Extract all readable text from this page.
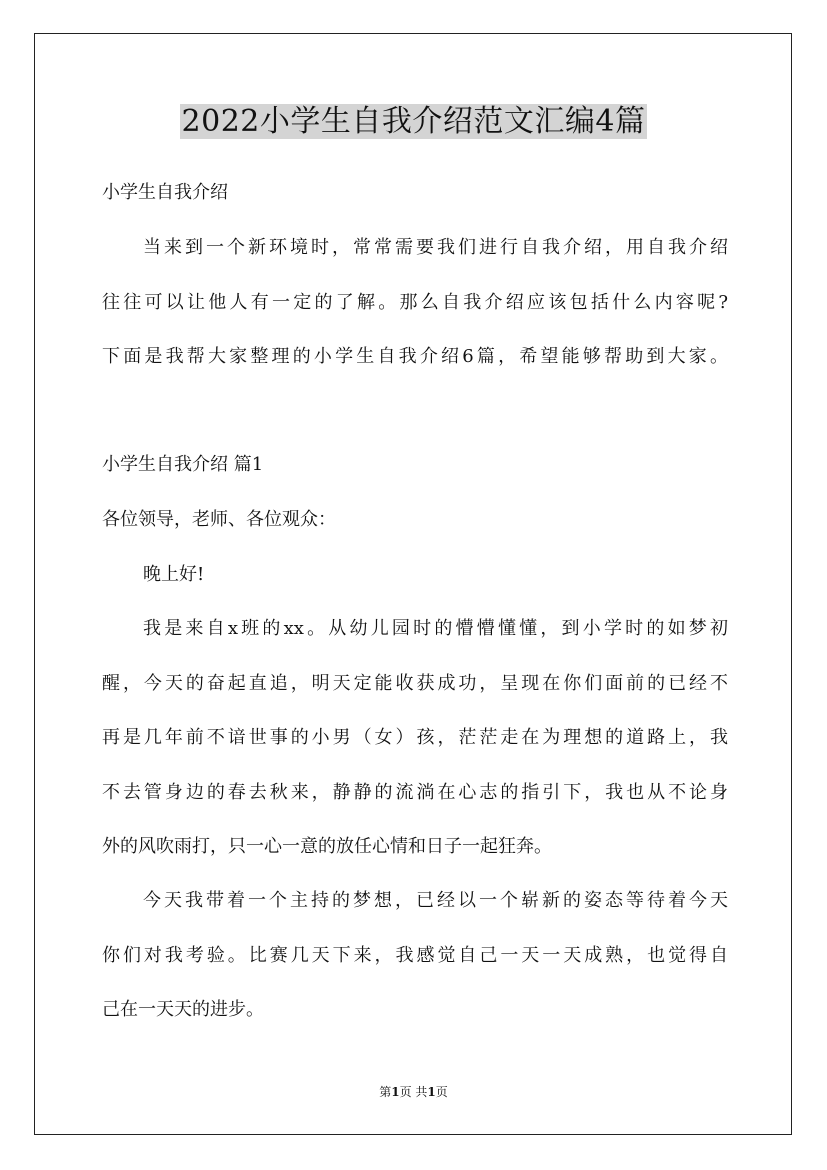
2022小学生自我介绍范文汇编4篇
小学生自我介绍
当来到一个新环境时，常常需要我们进行自我介绍，用自我介绍
往往可以让他人有一定的了解。那么自我介绍应该包括什么内容呢?
下面是我帮大家整理的小学生自我介绍6篇，希望能够帮助到大家。
小学生自我介绍 篇1
各位领导，老师、各位观众：
晚上好!
我是来自x班的xx。从幼儿园时的懵懵懂懂，到小学时的如梦初
醒，今天的奋起直追，明天定能收获成功，呈现在你们面前的已经不
再是几年前不谙世事的小男（女）孩，茫茫走在为理想的道路上，我
不去管身边的春去秋来，静静的流淌在心志的指引下，我也从不论身
外的风吹雨打，只一心一意的放任心情和日子一起狂奔。
今天我带着一个主持的梦想，已经以一个崭新的姿态等待着今天
你们对我考验。比赛几天下来，我感觉自己一天一天成熟，也觉得自
己在一天天的进步。
第1页 共1页
